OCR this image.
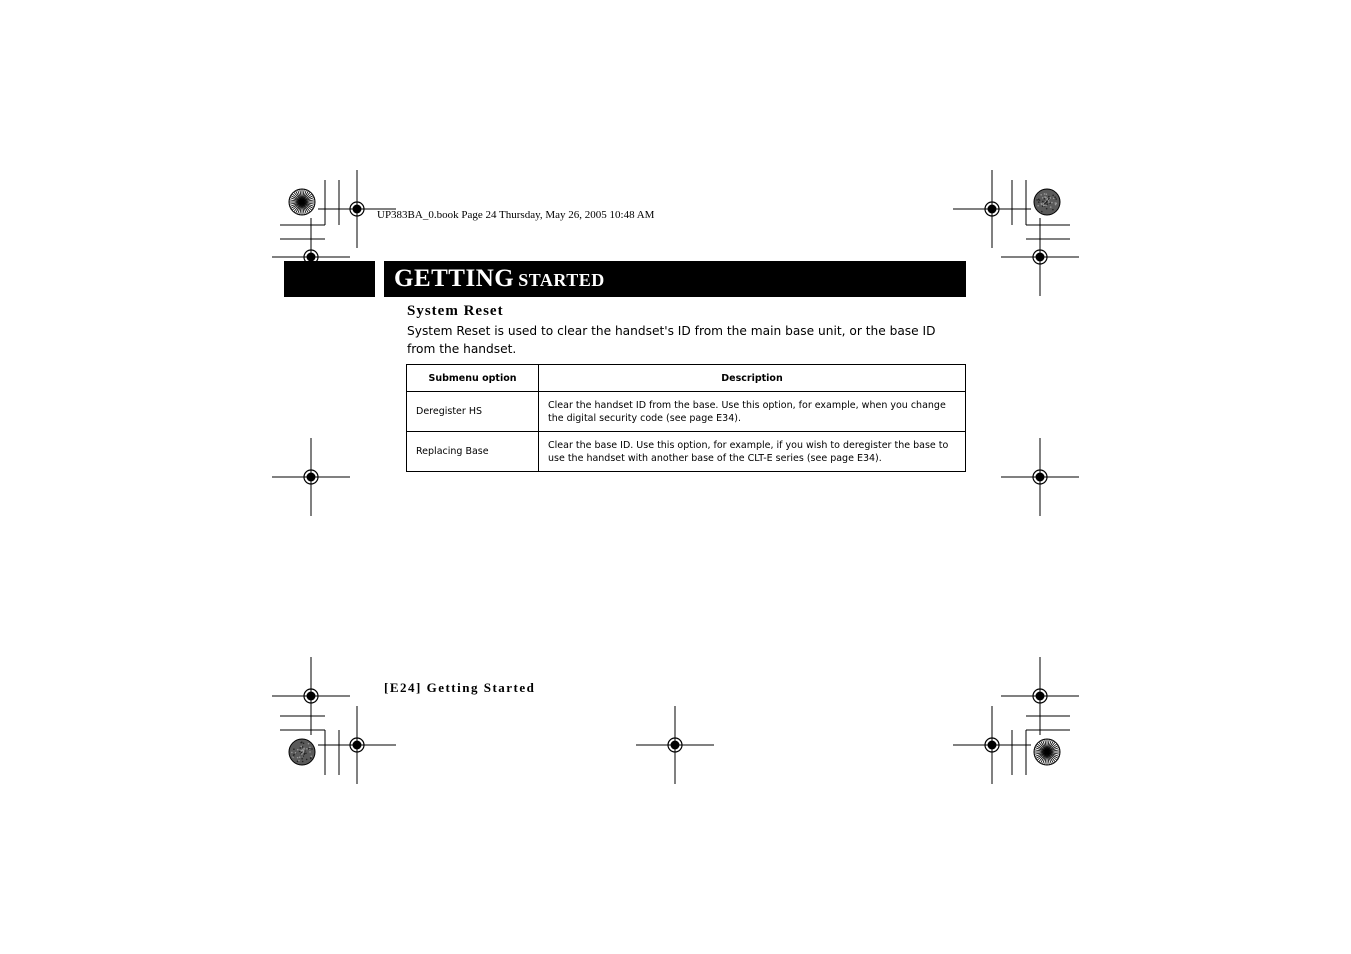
UP383BA_0.book Page 24 Thursday, May 26, 2005 10:48 AM
GETTING STARTED
System Reset
System Reset is used to clear the handset's ID from the main base unit, or the base ID from the handset.
Submenu option	Description
Deregister HS	Clear the handset ID from the base. Use this option, for example, when you change the digital security code (see page E34).
Replacing Base	Clear the base ID. Use this option, for example, if you wish to deregister the base to use the handset with another base of the CLT-E series (see page E34).
[E24] Getting Started
